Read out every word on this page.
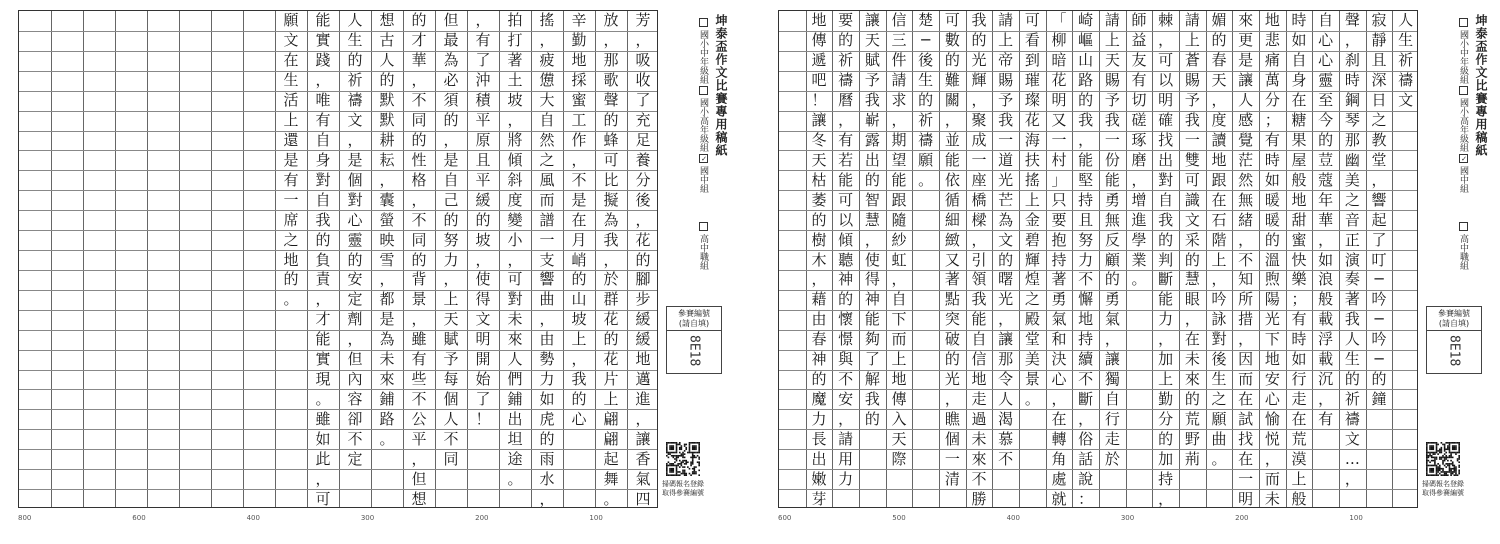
芳
，
吸
收
了
充
足
養
分
後
，
花
的
腳
步
緩
緩
地
邁
進
，
讓
香
氣
四
放
，
那
歌
聲
的
蜂
可
比
擬
為
我
，
於
群
花
的
花
片
上
翩
翩
起
舞
。
辛
勤
地
採
蜜
工
作
，
不
是
在
月
峭
的
山
坡
上
，
我
的
心
搖
，
疲
憊
大
自
然
之
風
而
譜
一
支
響
曲
，
由
勢
力
如
虎
的
雨
水
，
拍
打
著
土
坡
，
將
傾
斜
度
變
小
，
可
對
未
來
人
們
鋪
出
坦
途
。
，
有
了
沖
積
平
原
且
平
緩
的
坡
，
使
得
文
明
開
始
了
！
但
最
為
必
須
的
，
是
自
己
的
努
力
，
上
天
賦
予
每
個
人
不
同
的
才
華
，
不
同
的
性
格
，
不
同
的
背
景
，
雖
有
些
不
公
平
，
但
想
想
古
人
的
默
默
耕
耘
，
囊
螢
映
雪
，
都
是
為
未
來
鋪
路
。
人
生
的
祈
禱
文
，
是
個
對
心
靈
的
安
定
劑
，
但
內
容
卻
不
定
能
實
踐
，
唯
有
自
身
對
自
我
的
負
責
，
才
能
實
現
。
雖
如
此
，
可
願
文
在
生
活
上
還
是
有
一
席
之
地
的
。
坤泰盃作文比賽專用稿紙
國小中年級組
國小高年級組
✓
國中組
高中職組
參賽編號
(請自填)
8E18
掃碼報名登錄
取得參賽編號
800	600	400	300	200	100
人
生
祈
禱
文
寂
靜
且
深
日
之
教
堂
，
響
起
了
叮
─
吟
─
吟
─
的
鐘
聲
，
刹
時
鋼
琴
那
幽
美
之
音
正
演
奏
著
我
人
生
的
祈
禱
文
…
，
自
心
心
靈
至
今
的
荳
蔻
年
華
，
如
浪
般
載
浮
載
沉
，
有
時
如
自
身
在
糖
果
屋
般
地
甜
蜜
快
樂
；
有
時
如
行
走
在
荒
漠
上
般
地
悲
痛
萬
分
；
有
時
如
暖
暖
的
溫
煦
陽
光
下
地
安
心
愉
悦
，
而
未
來
更
是
讓
人
感
覺
茫
然
無
緒
，
不
知
所
措
，
因
而
在
試
找
在
一
明
媚
的
春
天
，
度
讀
地
跟
在
石
階
上
，
吟
詠
對
後
生
之
願
曲
。
請
上
蒼
賜
予
我
一
雙
可
識
文
采
的
慧
眼
，
在
未
來
的
荒
野
荊
棘
，
可
以
明
確
找
出
對
自
我
的
判
斷
能
力
，
加
上
勤
分
的
加
持
，
師
益
友
有
切
磋
琢
磨
，
增
進
學
業
。
請
上
天
賜
予
我
一
份
能
勇
無
反
顧
的
勇
氣
，
讓
獨
自
行
走
於
崎
嶇
山
路
的
我
，
能
堅
持
且
努
力
不
懈
地
持
續
不
斷
，
俗
話
說
：
「
柳
暗
花
明
又
一
村
」
只
要
抱
持
著
勇
氣
和
決
心
，
在
轉
角
處
就
可
看
到
璀
璨
花
海
扶
搖
上
金
碧
輝
煌
之
殿
堂
美
景
。
請
上
帝
賜
予
我
一
道
光
芒
為
文
的
曙
光
，
讓
那
令
人
渴
慕
不
我
的
光
輝
，
聚
成
一
座
橋
樑
，
引
領
我
能
自
信
地
走
過
未
來
不
勝
可
數
的
難
關
，
並
能
依
循
細
緻
又
著
點
突
破
的
光
，
瞧
個
一
清
楚
─
後
生
的
祈
禱
願
。
信
三
件
請
求
，
期
望
能
跟
隨
紗
虹
，
自
下
而
上
地
傳
入
天
際
讓
天
賦
予
我
嶄
露
出
的
智
慧
，
使
得
神
能
夠
了
解
我
的
要
的
祈
禱
曆
，
有
若
能
可
以
傾
聽
神
的
懷
憬
與
不
安
，
請
用
力
地
傳
遞
吧
！
讓
冬
天
枯
萎
的
樹
木
，
藉
由
春
神
的
魔
力
長
出
嫩
芽
坤泰盃作文比賽專用稿紙
國小中年級組
國小高年級組
✓
國中組
高中職組
參賽編號
(請自填)
8E18
掃碼報名登錄
取得參賽編號
600	500	400	300	200	100
